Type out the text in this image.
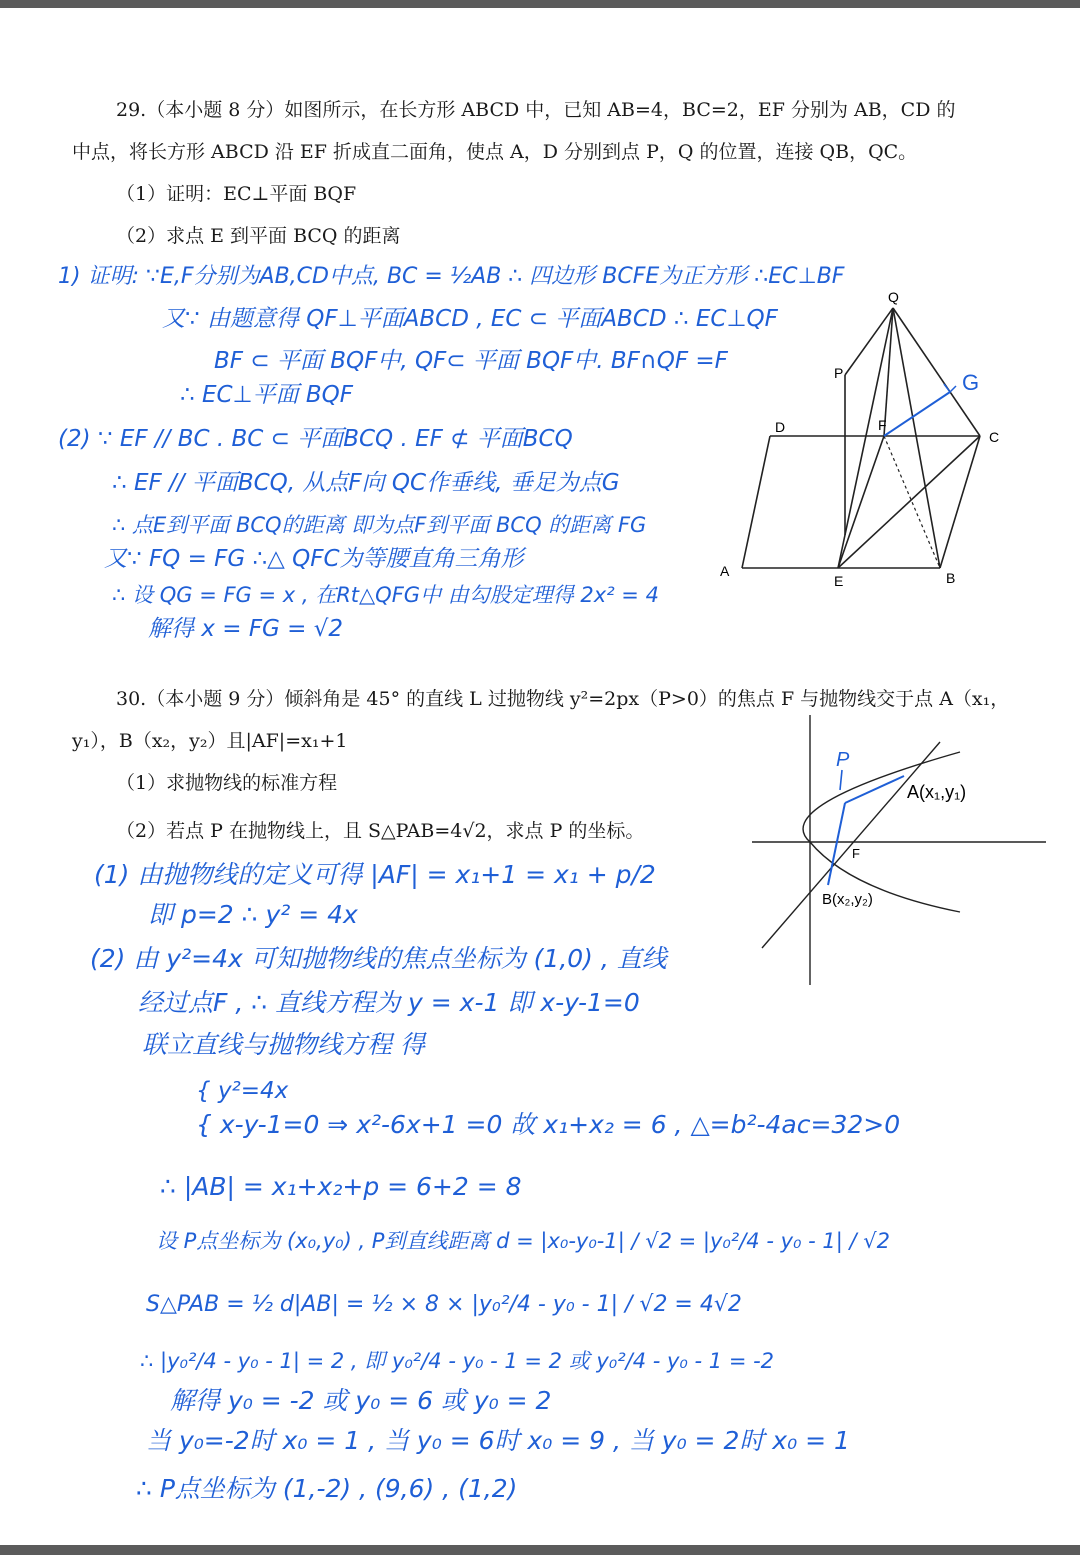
29.（本小题 8 分）如图所示，在长方形 ABCD 中，已知 AB=4，BC=2，EF 分别为 AB，CD 的
中点，将长方形 ABCD 沿 EF 折成直二面角，使点 A，D 分别到点 P，Q 的位置，连接 QB，QC。
（1）证明：EC⊥平面 BQF
（2）求点 E 到平面 BCQ 的距离
1) 证明: ∵E,F分别为AB,CD中点, BC = ½AB ∴ 四边形 BCFE为正方形 ∴EC⊥BF
又∵ 由题意得 QF⊥平面ABCD , EC ⊂ 平面ABCD ∴ EC⊥QF
BF ⊂ 平面 BQF中, QF⊂ 平面 BQF中. BF∩QF =F
∴ EC⊥平面 BQF
(2) ∵ EF // BC . BC ⊂ 平面BCQ . EF ⊄ 平面BCQ
∴ EF // 平面BCQ, 从点F向 QC作垂线, 垂足为点G
∴ 点E到平面 BCQ的距离 即为点F到平面 BCQ 的距离 FG
又∵ FQ = FG ∴△ QFC为等腰直角三角形
∴ 设 QG = FG = x , 在Rt△QFG中 由勾股定理得 2x² = 4
解得 x = FG = √2
Q
P	G
D	F
C
A
E	B
30.（本小题 9 分）倾斜角是 45° 的直线 L 过抛物线 y²=2px（P>0）的焦点 F 与抛物线交于点 A（x₁，
y₁），B（x₂，y₂）且|AF|=x₁+1
（1）求抛物线的标准方程
（2）若点 P 在抛物线上，且 S△PAB=4√2，求点 P 的坐标。
P
A(x₁,y₁)
F
B(x₂,y₂)
(1) 由抛物线的定义可得 |AF| = x₁+1 = x₁ + p/2
即 p=2 ∴ y² = 4x
(2) 由 y²=4x 可知抛物线的焦点坐标为 (1,0) , 直线
经过点F , ∴ 直线方程为 y = x-1 即 x-y-1=0
联立直线与抛物线方程 得
{ y²=4x
{ x-y-1=0 ⇒ x²-6x+1 =0 故 x₁+x₂ = 6 , △=b²-4ac=32>0
∴ |AB| = x₁+x₂+p = 6+2 = 8
设 P点坐标为 (x₀,y₀) , P到直线距离 d = |x₀-y₀-1| / √2 = |y₀²/4 - y₀ - 1| / √2
S△PAB = ½ d|AB| = ½ × 8 × |y₀²/4 - y₀ - 1| / √2 = 4√2
∴ |y₀²/4 - y₀ - 1| = 2 , 即 y₀²/4 - y₀ - 1 = 2 或 y₀²/4 - y₀ - 1 = -2
解得 y₀ = -2 或 y₀ = 6 或 y₀ = 2
当 y₀=-2时 x₀ = 1 , 当 y₀ = 6时 x₀ = 9 , 当 y₀ = 2时 x₀ = 1
∴ P点坐标为 (1,-2) , (9,6) , (1,2)
